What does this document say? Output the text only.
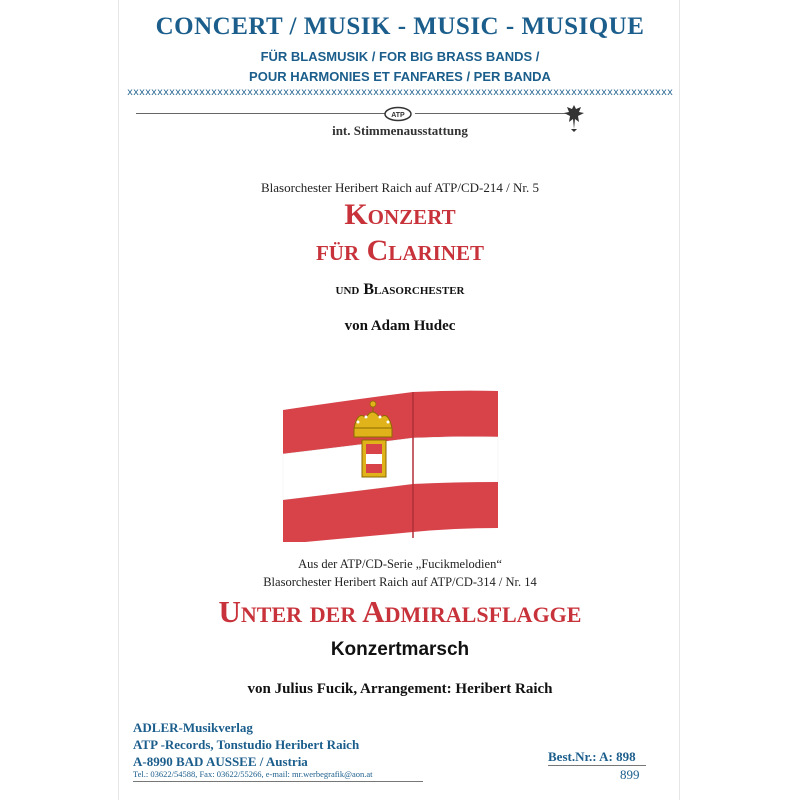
CONCERT / MUSIK - MUSIC - MUSIQUE
FÜR BLASMUSIK / FOR BIG BRASS BANDS /
POUR HARMONIES ET FANFARES / PER BANDA
xxxxxxxxxxxxxxxxxxxxxxxxxxxxxxxxxxxxxxxxxxxxxxxxxxxxxxxxxxxxxxxxxxxxxxxxxxxxxxxxxxxxxxxxxxx
ATP
int. Stimmenausstattung
Blasorchester Heribert Raich auf ATP/CD-214 / Nr. 5
Konzert
für Clarinet
und Blasorchester
von Adam Hudec
Aus der ATP/CD-Serie „Fucikmelodien“
Blasorchester Heribert Raich auf ATP/CD-314 / Nr. 14
Unter der Admiralsflagge
Konzertmarsch
von Julius Fucik, Arrangement: Heribert Raich
ADLER-Musikverlag
ATP -Records, Tonstudio Heribert Raich
A-8990 BAD AUSSEE / Austria
Tel.: 03622/54588, Fax: 03622/55266, e-mail: mr.werbegrafik@aon.at
Best.Nr.: A: 898
899
